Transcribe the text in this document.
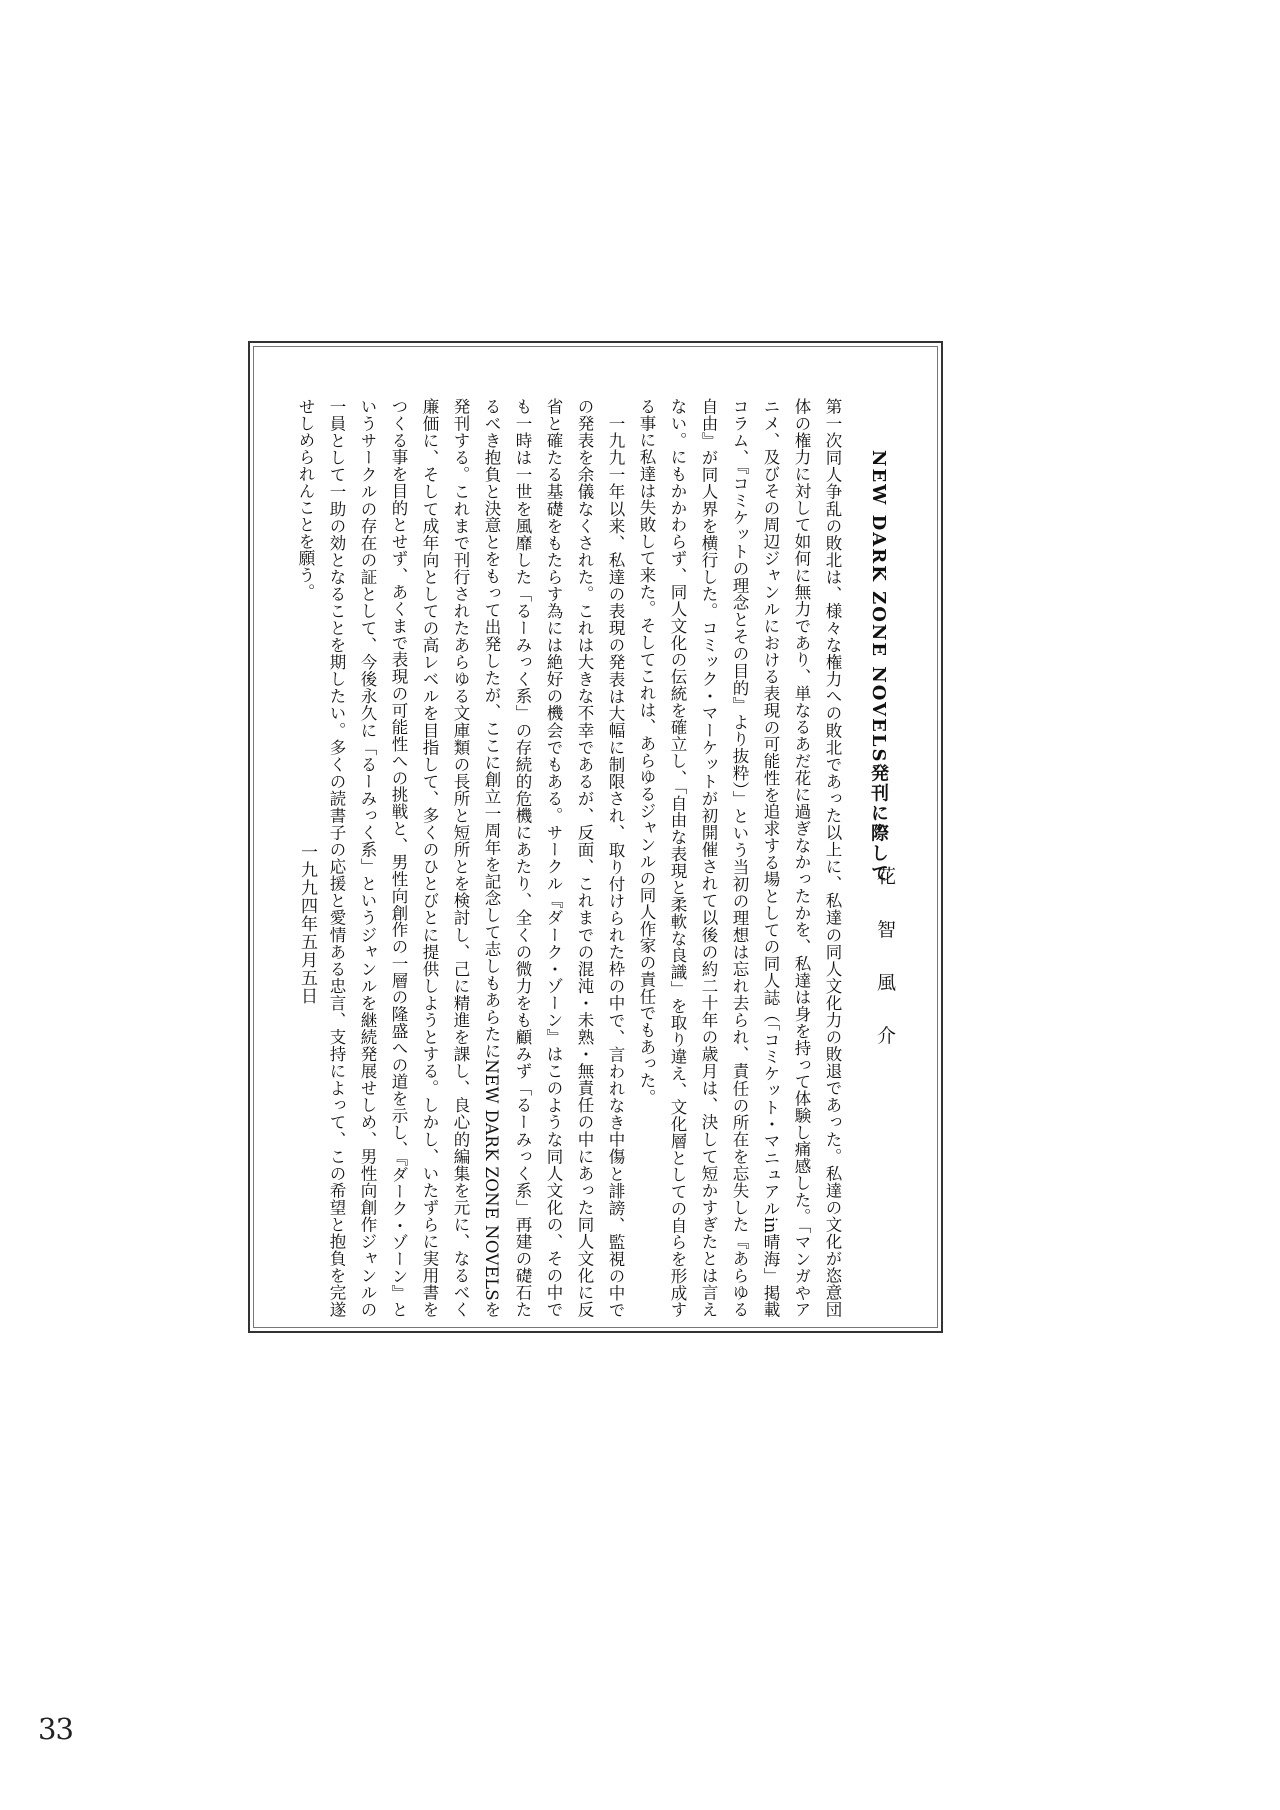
NEW DARK ZONE NOVELS発刊に際して
花 智 風 介

第一次同人争乱の敗北は、様々な権力への敗北であった以上に、私達の同人文化力の敗退であった。私達の文化が恣意団体の権力に対して如何に無力であり、単なるあだ花に過ぎなかったかを、私達は身を持って体験し痛感した。「マンガやアニメ、及びその周辺ジャンルにおける表現の可能性を追求する場としての同人誌（「コミケット・マニュアルin晴海」掲載コラム、『コミケットの理念とその目的』より抜粋）」という当初の理想は忘れ去られ、責任の所在を忘失した『あらゆる自由』が同人界を横行した。コミック・マーケットが初開催されて以後の約二十年の歳月は、決して短かすぎたとは言えない。にもかかわらず、同人文化の伝統を確立し、「自由な表現と柔軟な良識」を取り違え、文化層としての自らを形成する事に私達は失敗して来た。そしてこれは、あらゆるジャンルの同人作家の責任でもあった。

一九九一年以来、私達の表現の発表は大幅に制限され、取り付けられた枠の中で、言われなき中傷と誹謗、監視の中での発表を余儀なくされた。これは大きな不幸であるが、反面、これまでの混沌・未熟・無責任の中にあった同人文化に反省と確たる基礎をもたらす為には絶好の機会でもある。サークル『ダーク・ゾーン』はこのような同人文化の、その中でも一時は一世を風靡した「るーみっく系」の存続的危機にあたり、全くの微力をも顧みず「るーみっく系」再建の礎石たるべき抱負と決意とをもって出発したが、ここに創立一周年を記念して志しもあらたにNEW DARK ZONE NOVELSを発刊する。これまで刊行されたあらゆる文庫類の長所と短所とを検討し、己に精進を課し、良心的編集を元に、なるべく廉価に、そして成年向としての高レベルを目指して、多くのひとびとに提供しようとする。しかし、いたずらに実用書をつくる事を目的とせず、あくまで表現の可能性への挑戦と、男性向創作の一層の隆盛への道を示し、『ダーク・ゾーン』というサークルの存在の証として、今後永久に「るーみっく系」というジャンルを継続発展せしめ、男性向創作ジャンルの一員として一助の効となることを期したい。多くの読書子の応援と愛情ある忠言、支持によって、この希望と抱負を完遂せしめられんことを願う。

一九九四年五月五日
33
